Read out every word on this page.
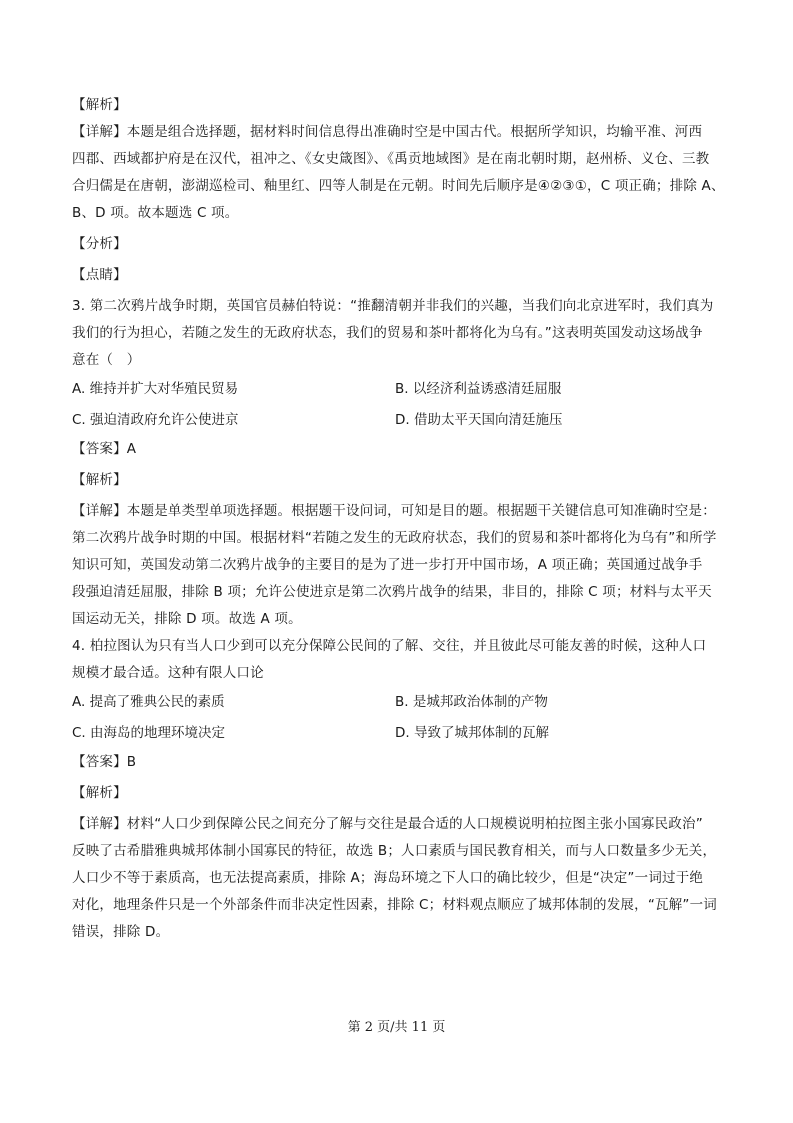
【解析】
【详解】本题是组合选择题，据材料时间信息得出准确时空是中国古代。根据所学知识，均输平准、河西
四郡、西域都护府是在汉代，祖冲之、《女史箴图》、《禹贡地域图》是在南北朝时期，赵州桥、义仓、三教
合归儒是在唐朝，澎湖巡检司、釉里红、四等人制是在元朝。时间先后顺序是④②③①，C 项正确；排除 A、
B、D 项。故本题选 C 项。
【分析】
【点睛】
3. 第二次鸦片战争时期，英国官员赫伯特说：“推翻清朝并非我们的兴趣，当我们向北京进军时，我们真为
我们的行为担心，若随之发生的无政府状态，我们的贸易和茶叶都将化为乌有。”这表明英国发动这场战争
意在（　）
A. 维持并扩大对华殖民贸易	B. 以经济利益诱惑清廷屈服
C. 强迫清政府允许公使进京	D. 借助太平天国向清廷施压
【答案】A
【解析】
【详解】本题是单类型单项选择题。根据题干设问词，可知是目的题。根据题干关键信息可知准确时空是：
第二次鸦片战争时期的中国。根据材料“若随之发生的无政府状态，我们的贸易和茶叶都将化为乌有”和所学
知识可知，英国发动第二次鸦片战争的主要目的是为了进一步打开中国市场，A 项正确；英国通过战争手
段强迫清廷屈服，排除 B 项；允许公使进京是第二次鸦片战争的结果，非目的，排除 C 项；材料与太平天
国运动无关，排除 D 项。故选 A 项。
4. 柏拉图认为只有当人口少到可以充分保障公民间的了解、交往，并且彼此尽可能友善的时候，这种人口
规模才最合适。这种有限人口论
A. 提高了雅典公民的素质	B. 是城邦政治体制的产物
C. 由海岛的地理环境决定	D. 导致了城邦体制的瓦解
【答案】B
【解析】
【详解】材料“人口少到保障公民之间充分了解与交往是最合适的人口规模说明柏拉图主张小国寡民政治”
反映了古希腊雅典城邦体制小国寡民的特征，故选 B；人口素质与国民教育相关，而与人口数量多少无关，
人口少不等于素质高，也无法提高素质，排除 A；海岛环境之下人口的确比较少，但是“决定”一词过于绝
对化，地理条件只是一个外部条件而非决定性因素，排除 C；材料观点顺应了城邦体制的发展，“瓦解”一词
错误，排除 D。
第 2 页/共 11 页
